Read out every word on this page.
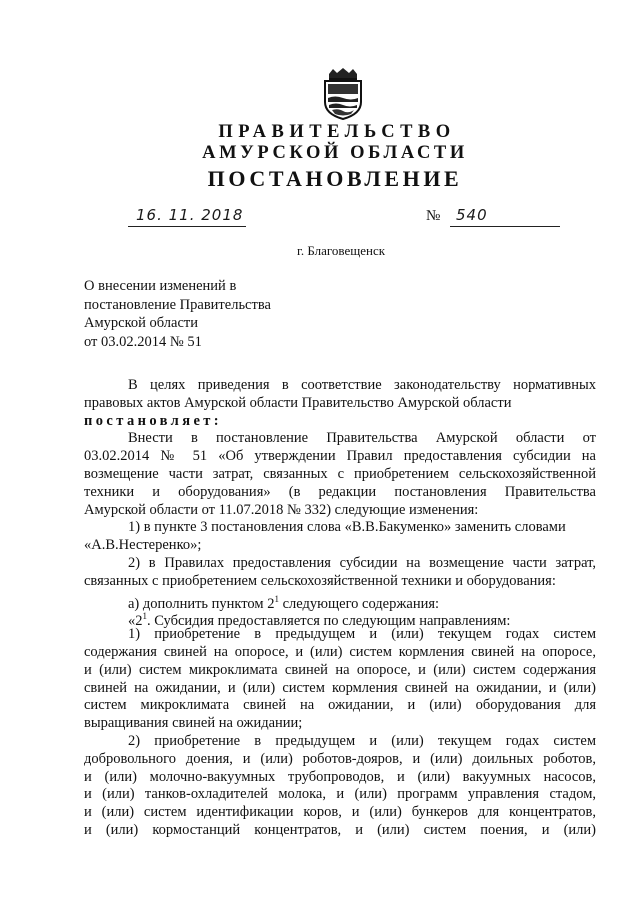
ПРАВИТЕЛЬСТВО
АМУРСКОЙ ОБЛАСТИ
ПОСТАНОВЛЕНИЕ
16. 11. 2018	№ 540
г. Благовещенск
О внесении изменений в
постановление Правительства
Амурской области
от 03.02.2014 № 51
В целях приведения в соответствие законодательству нормативных
правовых актов Амурской области Правительство Амурской области
постановляет:
Внести в постановление Правительства Амурской области от
03.02.2014 № 51 «Об утверждении Правил предоставления субсидии на
возмещение части затрат, связанных с приобретением сельскохозяйственной
техники и оборудования» (в редакции постановления Правительства
Амурской области от 11.07.2018 № 332) следующие изменения:
1) в пункте 3 постановления слова «В.В.Бакуменко» заменить словами
«А.В.Нестеренко»;
2) в Правилах предоставления субсидии на возмещение части затрат,
связанных с приобретением сельскохозяйственной техники и оборудования:
а) дополнить пунктом $2^1$ следующего содержания:
«$2^1$. Субсидия предоставляется по следующим направлениям:
1) приобретение в предыдущем и (или) текущем годах систем
содержания свиней на опоросе, и (или) систем кормления свиней на опоросе,
и (или) систем микроклимата свиней на опоросе, и (или) систем содержания
свиней на ожидании, и (или) систем кормления свиней на ожидании, и (или)
систем микроклимата свиней на ожидании, и (или) оборудования для
выращивания свиней на ожидании;
2) приобретение в предыдущем и (или) текущем годах систем
добровольного доения, и (или) роботов-дояров, и (или) доильных роботов,
и (или) молочно-вакуумных трубопроводов, и (или) вакуумных насосов,
и (или) танков-охладителей молока, и (или) программ управления стадом,
и (или) систем идентификации коров, и (или) бункеров для концентратов,
и (или) кормостанций концентратов, и (или) систем поения, и (или)
